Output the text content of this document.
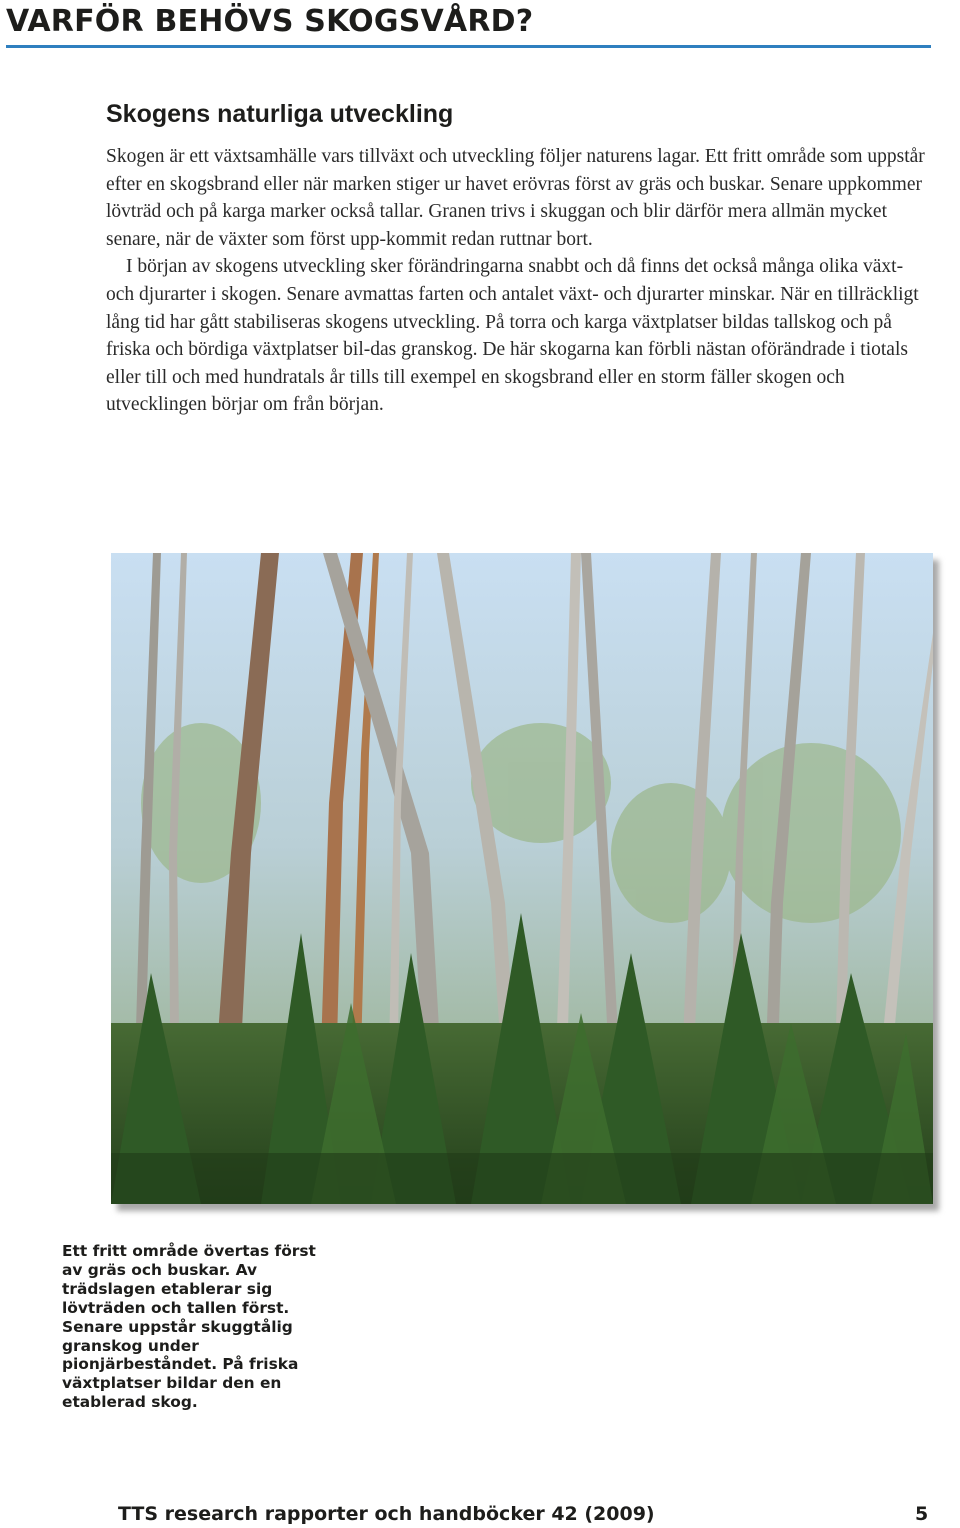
VARFÖR BEHÖVS SKOGSVÅRD?
Skogens naturliga utveckling

Skogen är ett växtsamhälle vars tillväxt och utveckling följer naturens lagar. Ett fritt område som uppstår efter en skogsbrand eller när marken stiger ur havet erövras först av gräs och buskar. Senare uppkommer lövträd och på karga marker också tallar. Granen trivs i skuggan och blir därför mera allmän mycket senare, när de växter som först upp-kommit redan ruttnar bort.

I början av skogens utveckling sker förändringarna snabbt och då finns det också många olika växt- och djurarter i skogen. Senare avmattas farten och antalet växt- och djurarter minskar. När en tillräckligt lång tid har gått stabiliseras skogens utveckling. På torra och karga växtplatser bildas tallskog och på friska och bördiga växtplatser bil-das granskog. De här skogarna kan förbli nästan oförändrade i tiotals eller till och med hundratals år tills till exempel en skogsbrand eller en storm fäller skogen och utvecklingen börjar om från början.

Ett fritt område övertas först av gräs och buskar. Av trädslagen etablerar sig lövträden och tallen först. Senare uppstår skuggtålig granskog under pionjärbeståndet. På friska växtplatser bildar den en etablerad skog.

TTS research rapporter och handböcker 42 (2009)	5
